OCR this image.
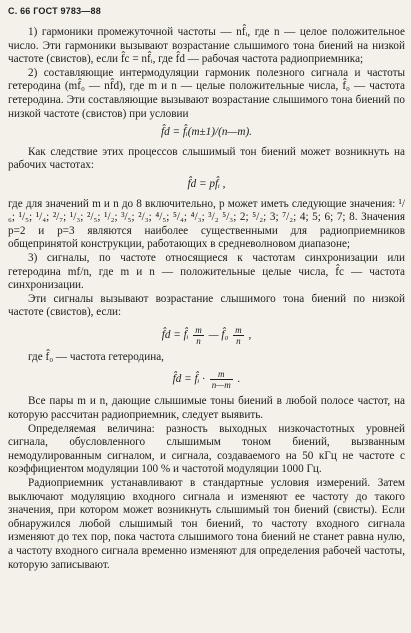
С. 66 ГОСТ 9783—88

1) гармоники промежуточной частоты — nf̂ᵢ, где n — целое положительное число. Эти гармоники вызывают возрастание слышимого тона биений на низкой частоте (свистов), если f̂c = nf̂ᵢ, где f̂d — рабочая частота радиоприемника;

2) составляющие интермодуляции гармоник полезного сигнала и частоты гетеродина (mf̂₀ — nf̂d), где m и n — целые положительные числа, f̂₀ — частота гетеродина. Эти составляющие вызывают возрастание слышимого тона биений по низкой частоте (свистов) при условии

f̂d = f̂ᵢ(m±1)/(n—m).

Как следствие этих процессов слышимый тон биений может возникнуть на рабочих частотах:

f̂d = pf̂ᵢ ,

где для значений m и n до 8 включительно, p может иметь следующие значения: ¹/₆; ¹/₅; ¹/₄; ²/₇; ¹/₃; ²/₅; ¹/₂; ³/₅; ²/₃; ⁴/₅; ⁵/₄; ⁴/₃; ³/₂ ⁵/₃; 2; ⁵/₂; 3; ⁷/₂; 4; 5; 6; 7; 8. Значения p=2 и p=3 являются наиболее существенными для радиоприемников общепринятой конструкции, работающих в средневолновом диапазоне;

3) сигналы, по частоте относящиеся к частотам синхронизации или гетеродина mf/n, где m и n — положительные целые числа, f̂c — частота синхронизации.

Эти сигналы вызывают возрастание слышимого тона биений по низкой частоте (свистов), если:

f̂d = f̂ᵢ $\frac{m}{n}$ — f̂₀ $\frac{m}{n}$ ,

где f̂₀ — частота гетеродина,

f̂d = f̂ᵢ · $\frac{m}{n—m}$ .

Все пары m и n, дающие слышимые тоны биений в любой полосе частот, на которую рассчитан радиоприемник, следует выявить.

Определяемая величина: разность выходных низкочастотных уровней сигнала, обусловленного слышимым тоном биений, вызванным немодулированным сигналом, и сигнала, создаваемого на 50 кГц не частоте с коэффициентом модуляции 100 % и частотой модуляции 1000 Гц.

Радиоприемник устанавливают в стандартные условия измерений. Затем выключают модуляцию входного сигнала и изменяют ее частоту до такого значения, при котором может возникнуть слышимый тон биений (свисты). Если обнаружился любой слышимый тон биений, то частоту входного сигнала изменяют до тех пор, пока частота слышимого тона биений не станет равна нулю, а частоту входного сигнала временно изменяют для определения рабочей частоты, которую записывают.
